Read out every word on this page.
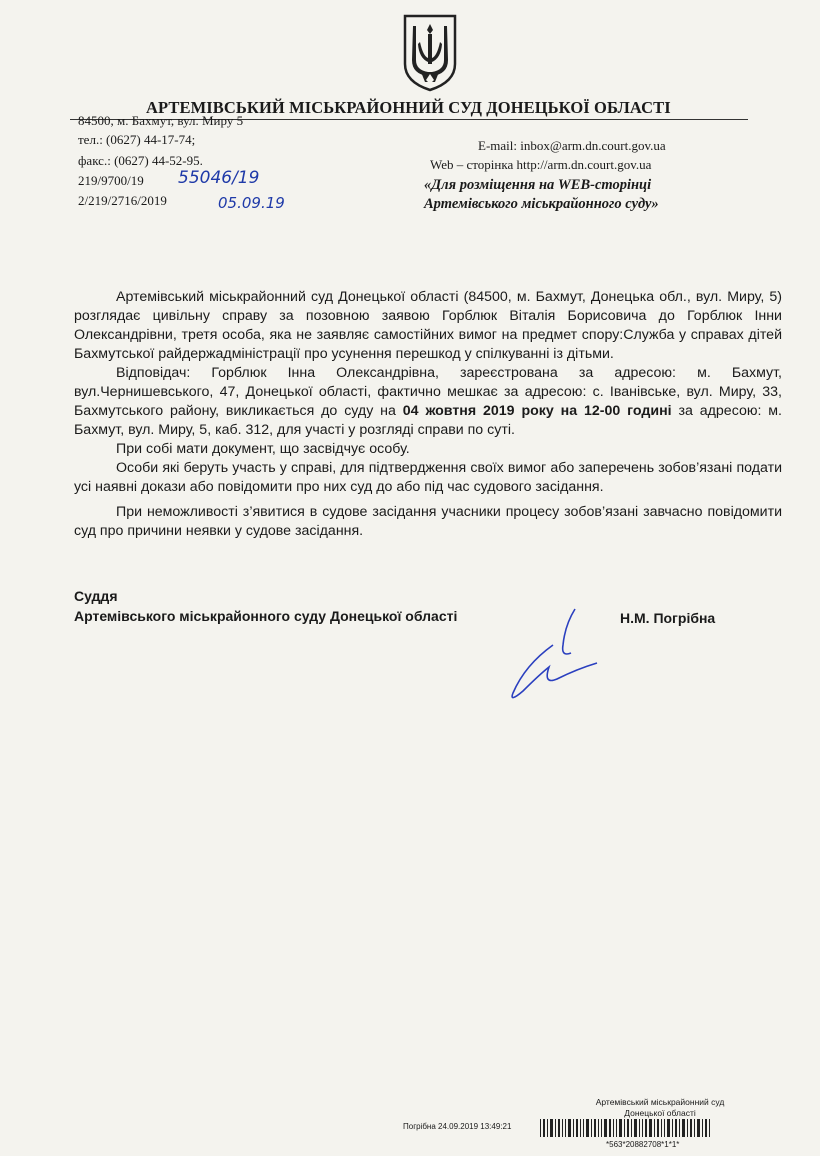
АРТЕМІВСЬКИЙ МІСЬКРАЙОННИЙ СУД ДОНЕЦЬКОЇ ОБЛАСТІ
84500, м. Бахмут, вул. Миру 5
тел.: (0627) 44-17-74;
факс.: (0627) 44-52-95.
219/9700/19
2/219/2716/2019
E-mail: inbox@arm.dn.court.gov.ua
Web – сторінка http://arm.dn.court.gov.ua
55046/19
05.09.19
«Для розміщення на WEB-сторінці
Артемівського міськрайонного суду»

Артемівський міськрайонний суд Донецької області (84500, м. Бахмут, Донецька обл., вул. Миру, 5) розглядає цивільну справу за позовною заявою Горблюк Віталія Борисовича до Горблюк Інни Олександрівни, третя особа, яка не заявляє самостійних вимог на предмет спору:Служба у справах дітей Бахмутської райдержадміністрації про усунення перешкод у спілкуванні із дітьми.

Відповідач: Горблюк Інна Олександрівна, зареєстрована за адресою: м. Бахмут, вул.Чернишевського, 47, Донецької області, фактично мешкає за адресою: с. Іванівське, вул. Миру, 33, Бахмутського району, викликається до суду на 04 жовтня 2019 року на 12-00 годині за адресою: м. Бахмут, вул. Миру, 5, каб. 312, для участі у розгляді справи по суті.

При собі мати документ, що засвідчує особу.

Особи які беруть участь у справі, для підтвердження своїх вимог або заперечень зобов’язані подати усі наявні докази або повідомити про них суд до або під час судового засідання.

При неможливості з’явитися в судове засідання учасники процесу зобов’язані завчасно повідомити суд про причини неявки у судове засідання.

Суддя
Артемівського міськрайонного суду Донецької області	Н.М. Погрібна
Артемівський міськрайонний суд
Донецької області
Погрібна 24.09.2019 13:49:21
*563*20882708*1*1*
